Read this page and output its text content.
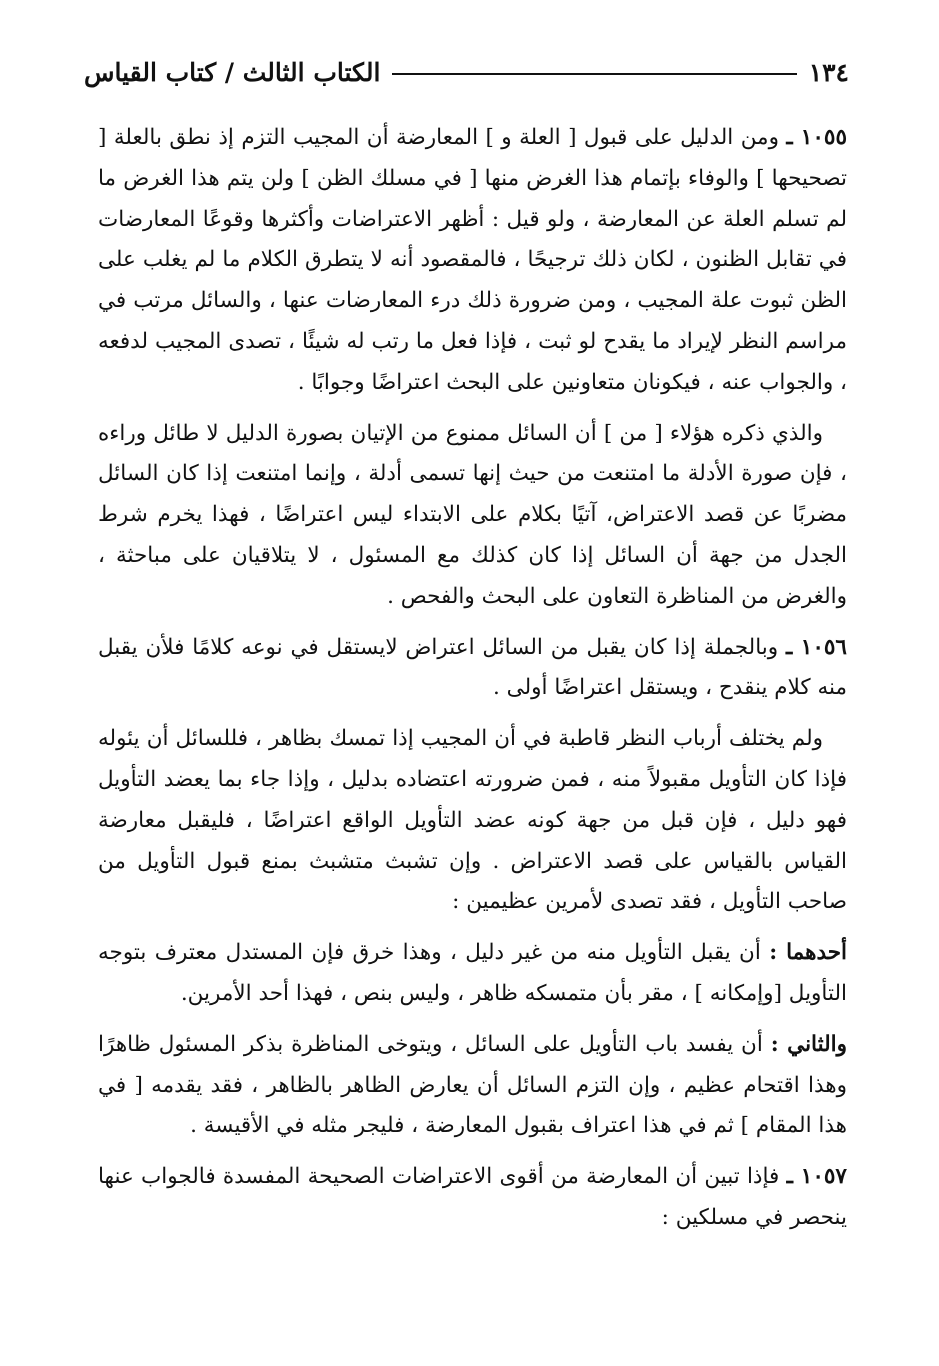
١٣٤
الكتاب الثالث / كتاب القياس

١٠٥٥ ـ ومن الدليل على قبول [ العلة و ] المعارضة أن المجيب التزم إذ نطق بالعلة [ تصحيحها ] والوفاء بإتمام هذا الغرض منها [ في مسلك الظن ] ولن يتم هذا الغرض ما لم تسلم العلة عن المعارضة ، ولو قيل : أظهر الاعتراضات وأكثرها وقوعًا المعارضات في تقابل الظنون ، لكان ذلك ترجيحًا ، فالمقصود أنه لا يتطرق الكلام ما لم يغلب على الظن ثبوت علة المجيب ، ومن ضرورة ذلك درء المعارضات عنها ، والسائل مرتب في مراسم النظر لإيراد ما يقدح لو ثبت ، فإذا فعل ما رتب له شيئًا ، تصدى المجيب لدفعه ، والجواب عنه ، فيكونان متعاونين على البحث اعتراضًا وجوابًا .

والذي ذكره هؤلاء [ من ] أن السائل ممنوع من الإتيان بصورة الدليل لا طائل وراءه ، فإن صورة الأدلة ما امتنعت من حيث إنها تسمى أدلة ، وإنما امتنعت إذا كان السائل مضربًا عن قصد الاعتراض، آتيًا بكلام على الابتداء ليس اعتراضًا ، فهذا يخرم شرط الجدل من جهة أن السائل إذا كان كذلك مع المسئول ، لا يتلاقيان على مباحثة ، والغرض من المناظرة التعاون على البحث والفحص .

١٠٥٦ ـ وبالجملة إذا كان يقبل من السائل اعتراض لايستقل في نوعه كلامًا فلأن يقبل منه كلام ينقدح ، ويستقل اعتراضًا أولى .

ولم يختلف أرباب النظر قاطبة في أن المجيب إذا تمسك بظاهر ، فللسائل أن يئوله فإذا كان التأويل مقبولاً منه ، فمن ضرورته اعتضاده بدليل ، وإذا جاء بما يعضد التأويل فهو دليل ، فإن قبل من جهة كونه عضد التأويل الواقع اعتراضًا ، فليقبل معارضة القياس بالقياس على قصد الاعتراض . وإن تشبث متشبث بمنع قبول التأويل من صاحب التأويل ، فقد تصدى لأمرين عظيمين :

أحدهما : أن يقبل التأويل منه من غير دليل ، وهذا خرق فإن المستدل معترف بتوجه التأويل [وإمكانه ] ، مقر بأن متمسكه ظاهر ، وليس بنص ، فهذا أحد الأمرين.

والثاني : أن يفسد باب التأويل على السائل ، ويتوخى المناظرة بذكر المسئول ظاهرًا وهذا اقتحام عظيم ، وإن التزم السائل أن يعارض الظاهر بالظاهر ، فقد يقدمه [ في هذا المقام ] ثم في هذا اعتراف بقبول المعارضة ، فليجر مثله في الأقيسة .

١٠٥٧ ـ فإذا تبين أن المعارضة من أقوى الاعتراضات الصحيحة المفسدة فالجواب عنها ينحصر في مسلكين :
